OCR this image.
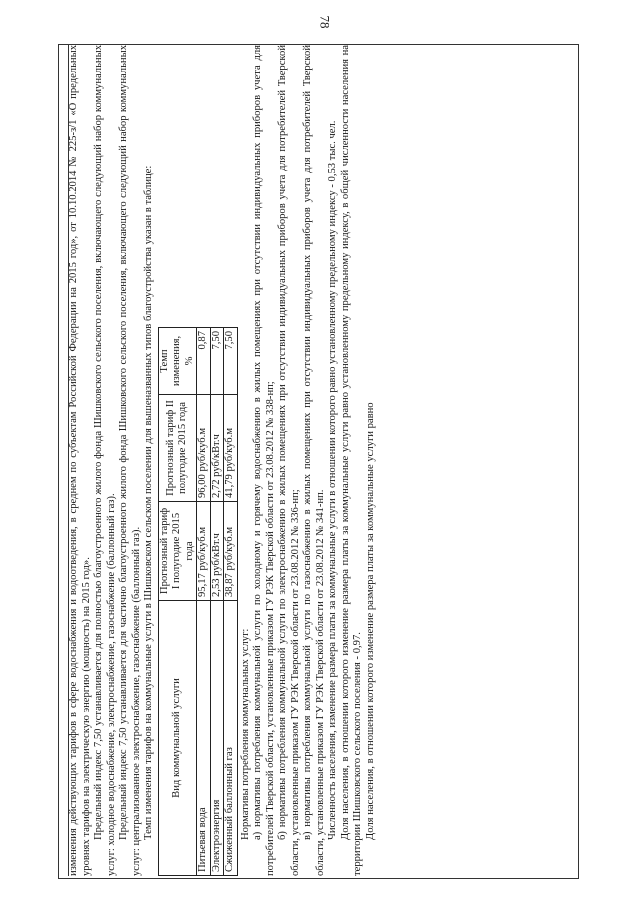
78

изменения действующих тарифов в сфере водоснабжения и водоотведения, в среднем по субъектам Российской Федерации на 2015 год», от 10.10.2014 № 225-з/1 «О предельных уровнях тарифов на электрическую энергию (мощность) на 2015 год». Предельный индекс 7,50 устанавливается для полностью благоустроенного жилого фонда Шишковского сельского поселения, включающего следующий набор коммунальных услуг: холодное водоснабжение, электроснабжение, газоснабжение (баллонный газ). Предельный индекс 7,50 устанавливается для частично благоустроенного жилого фонда Шишковского сельского поселения, включающего следующий набор коммунальных услуг: централизованное электроснабжение, газоснабжение (баллонный газ). Темп изменения тарифов на коммунальные услуги в Шишковском сельском поселении для вышеназванных типов благоустройства указан в таблице: Вид коммунальной услуги	Прогнозный тариф I полугодие 2015 года	Прогнозный тариф II полугодие 2015 года	Темп изменения, %
Питьевая вода	95,17 руб/куб.м	96,00 руб/куб.м	0,87
Электроэнергия	2,53 руб/кВт.ч	2,72 руб/кВт.ч	7,50
Сжиженный баллонный газ	38,87 руб/куб.м	41,79 руб/куб.м	7,50

Нормативы потребления коммунальных услуг: а) нормативы потребления коммунальной услуги по холодному и горячему водоснабжению в жилых помещениях при отсутствии индивидуальных приборов учета для потребителей Тверской области, установленные приказом ГУ РЭК Тверской области от 23.08.2012 № 338-нп; б) нормативы потребления коммунальной услуги по электроснабжению в жилых помещениях при отсутствии индивидуальных приборов учета для потребителей Тверской области, установленные приказом ГУ РЭК Тверской области от 23.08.2012 № 336-нп; в) нормативы потребления коммунальной услуги по газоснабжению в жилых помещениях при отсутствии индивидуальных приборов учета для потребителей Тверской области, установленные приказом ГУ РЭК Тверской области от 23.08.2012 № 341-нп. Численность населения, изменение размера платы за коммунальные услуги в отношении которого равно установленному предельному индексу - 0,53 тыс. чел. Доля населения, в отношении которого изменение размера платы за коммунальные услуги равно установленному предельному индексу, в общей численности населения на территории Шишковского сельского поселения - 0,97. Доля населения, в отношении которого изменение размера платы за коммунальные услуги равно
